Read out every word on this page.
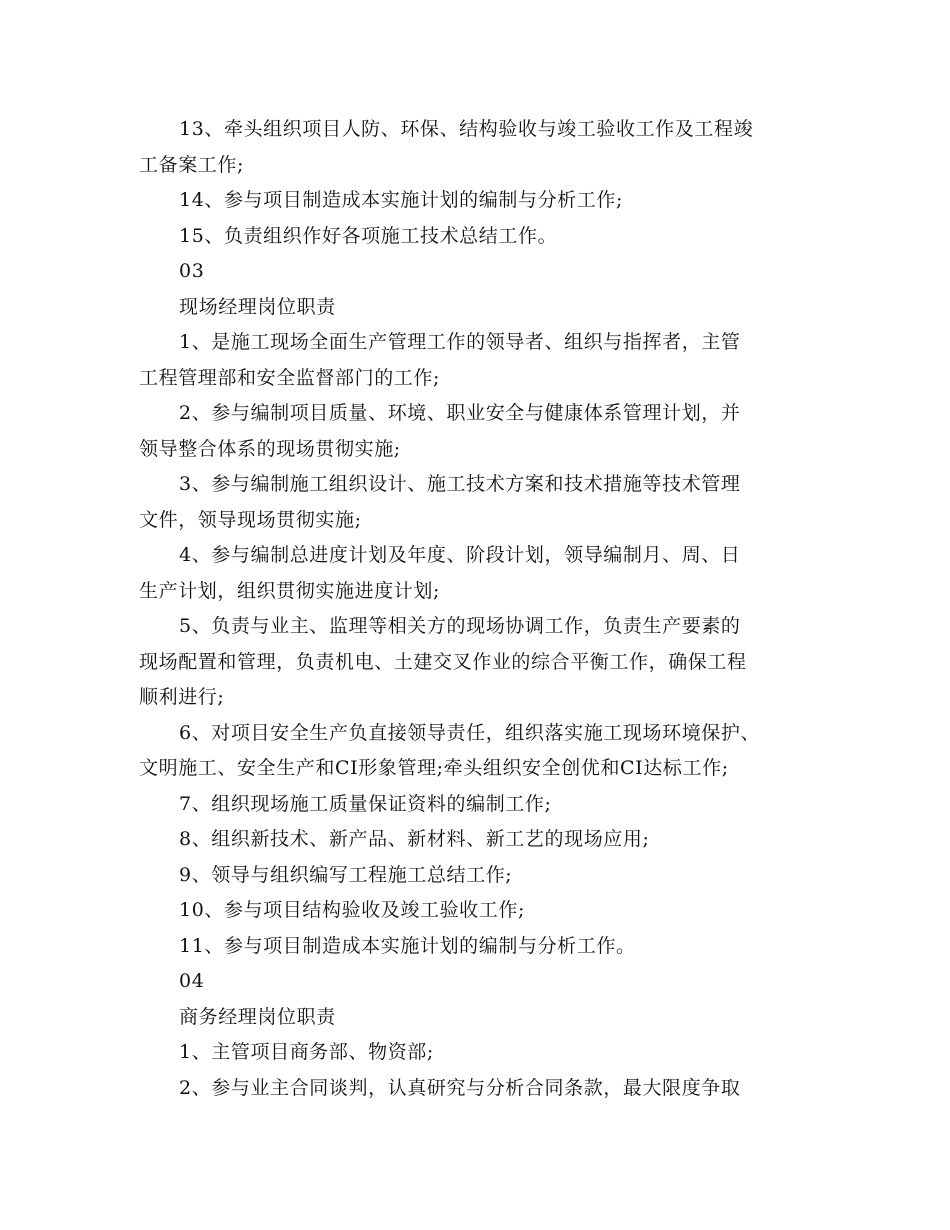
13、牵头组织项目人防、环保、结构验收与竣工验收工作及工程竣
工备案工作;
14、参与项目制造成本实施计划的编制与分析工作;
15、负责组织作好各项施工技术总结工作。
03
现场经理岗位职责
1、是施工现场全面生产管理工作的领导者、组织与指挥者，主管
工程管理部和安全监督部门的工作;
2、参与编制项目质量、环境、职业安全与健康体系管理计划，并
领导整合体系的现场贯彻实施;
3、参与编制施工组织设计、施工技术方案和技术措施等技术管理
文件，领导现场贯彻实施;
4、参与编制总进度计划及年度、阶段计划，领导编制月、周、日
生产计划，组织贯彻实施进度计划;
5、负责与业主、监理等相关方的现场协调工作，负责生产要素的
现场配置和管理，负责机电、土建交叉作业的综合平衡工作，确保工程
顺利进行;
6、对项目安全生产负直接领导责任，组织落实施工现场环境保护、
文明施工、安全生产和CI形象管理;牵头组织安全创优和CI达标工作;
7、组织现场施工质量保证资料的编制工作;
8、组织新技术、新产品、新材料、新工艺的现场应用;
9、领导与组织编写工程施工总结工作;
10、参与项目结构验收及竣工验收工作;
11、参与项目制造成本实施计划的编制与分析工作。
04
商务经理岗位职责
1、主管项目商务部、物资部;
2、参与业主合同谈判，认真研究与分析合同条款，最大限度争取
